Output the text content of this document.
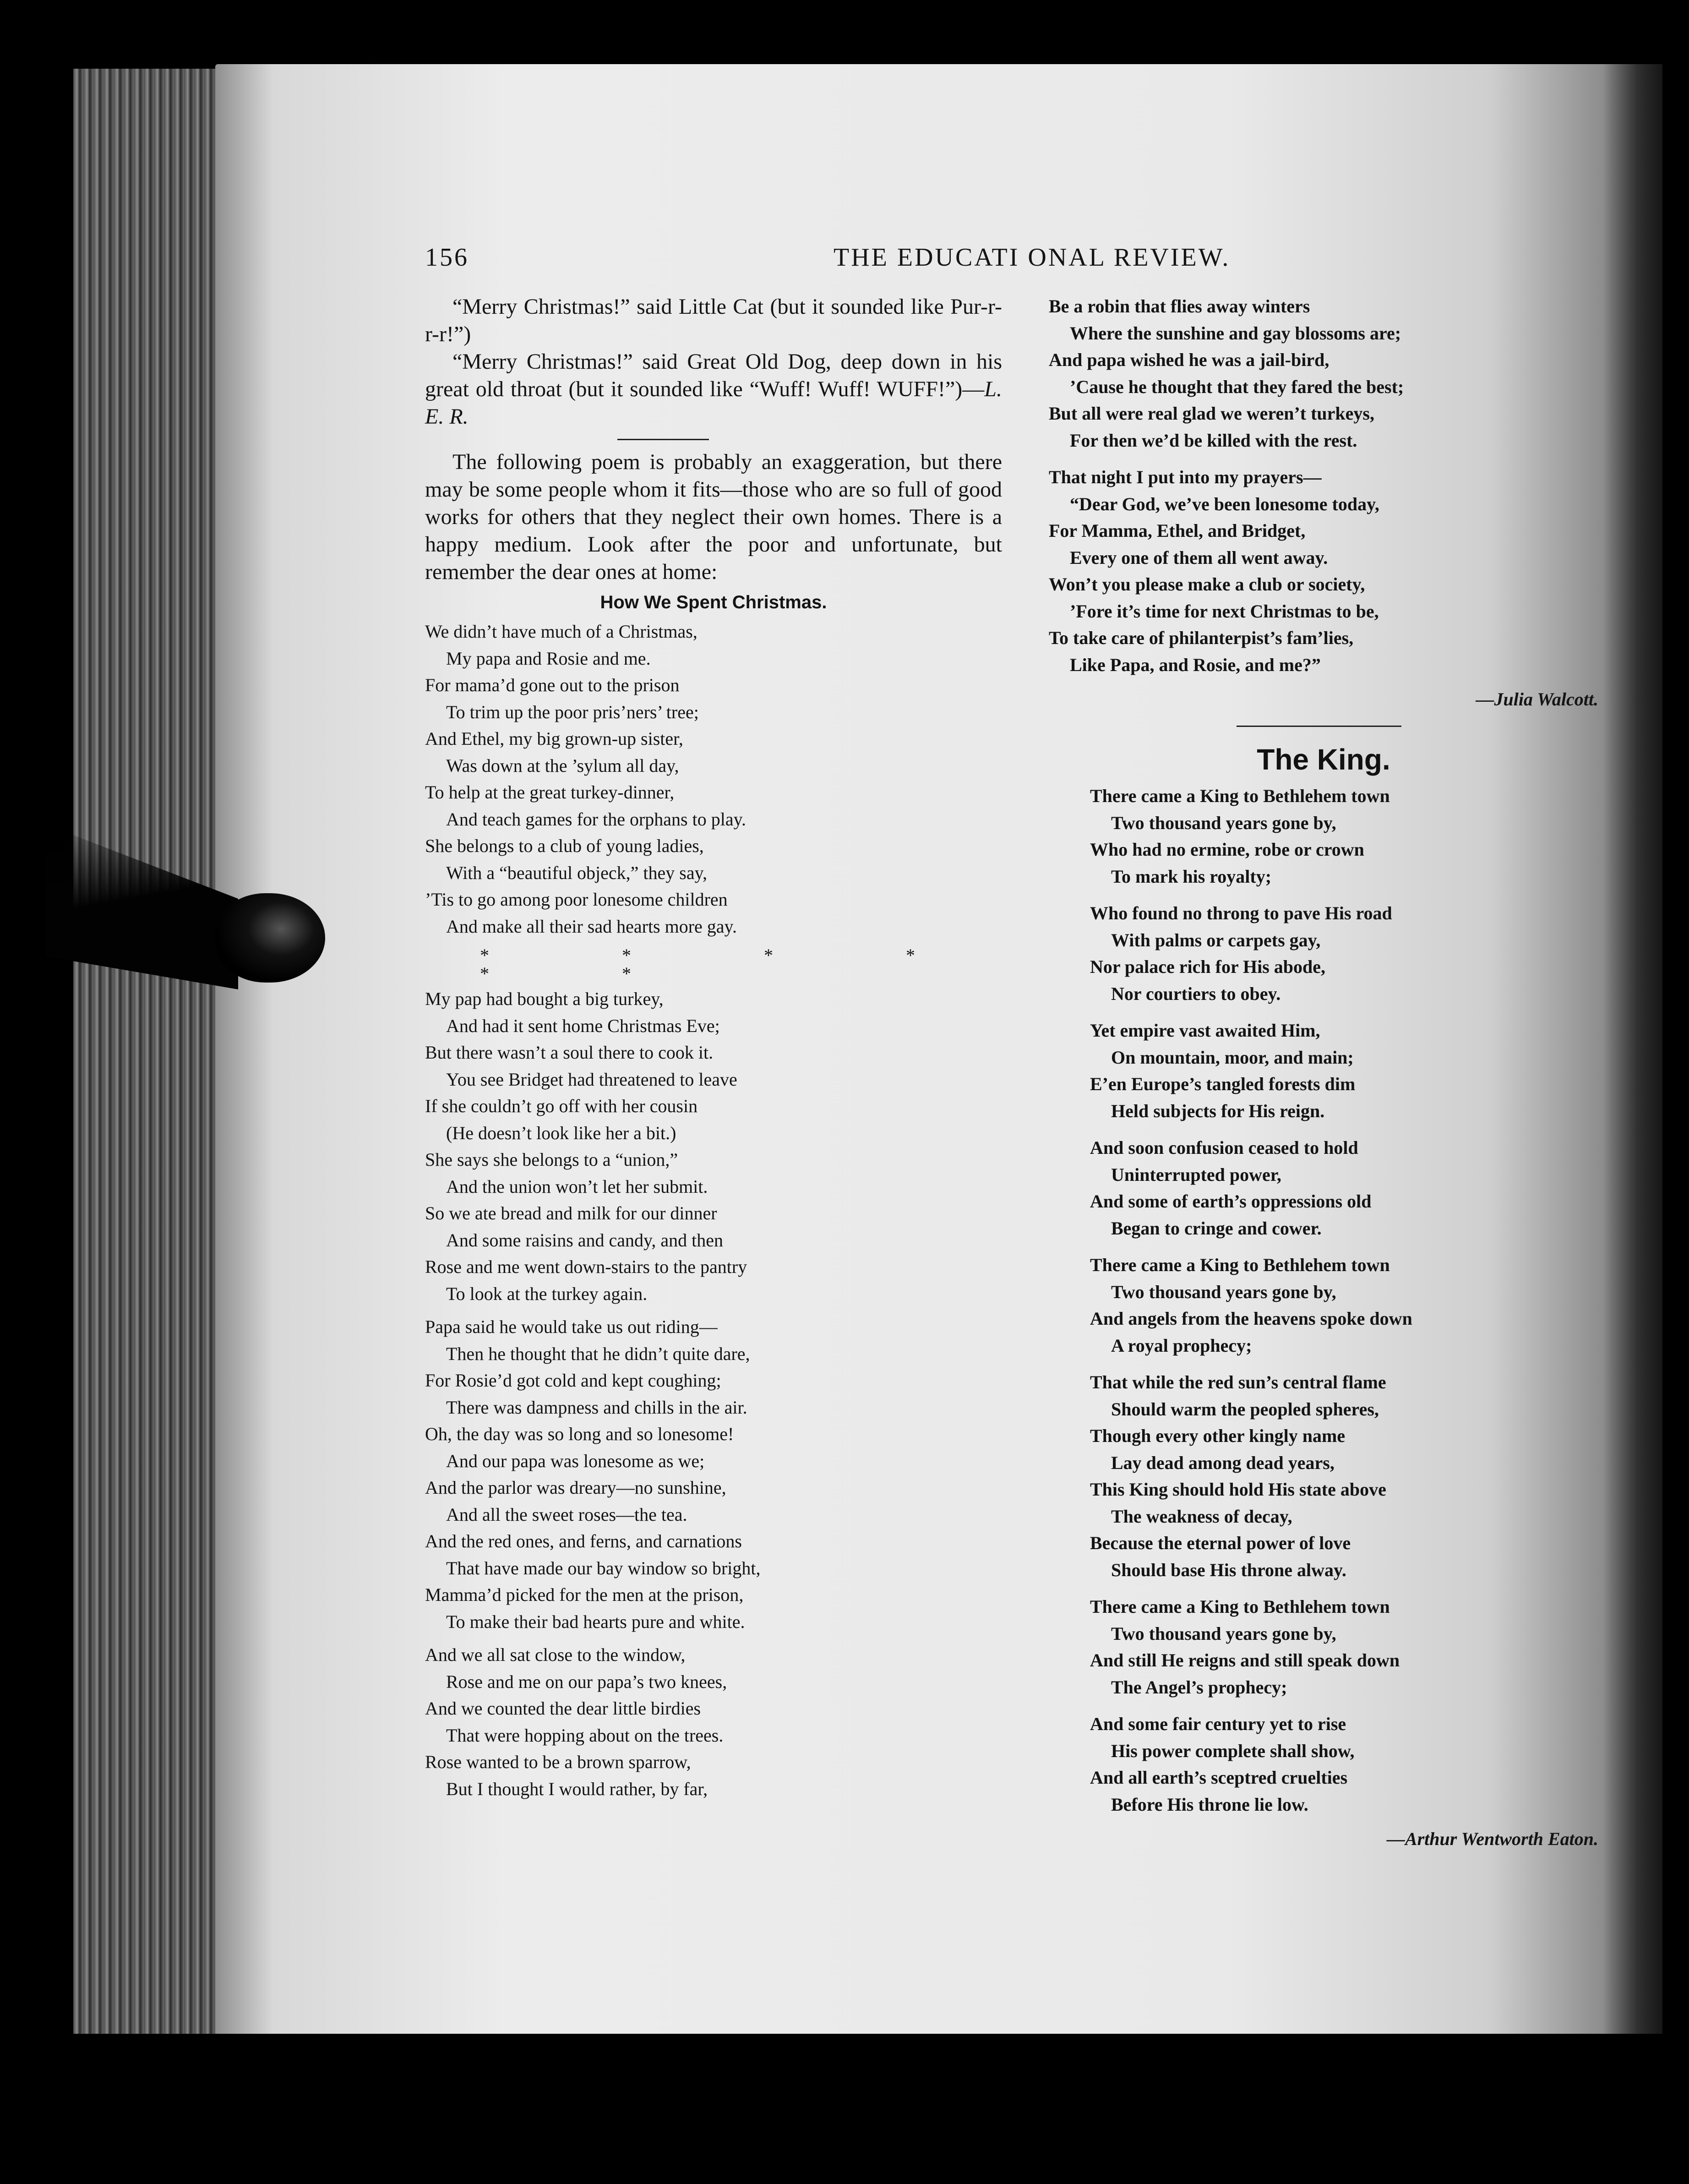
156	THE EDUCATI ONAL REVIEW.

“Merry Christmas!” said Little Cat (but it sounded like Pur-r-r-r!”)

“Merry Christmas!” said Great Old Dog, deep down in his great old throat (but it sounded like “Wuff! Wuff! WUFF!”)—L. E. R.

The following poem is probably an exaggeration, but there may be some people whom it fits—those who are so full of good works for others that they neglect their own homes. There is a happy medium. Look after the poor and unfortunate, but remember the dear ones at home:

How We Spent Christmas.
We didn’t have much of a Christmas,
My papa and Rosie and me.
For mama’d gone out to the prison
To trim up the poor pris’ners’ tree;
And Ethel, my big grown-up sister,
Was down at the ’sylum all day,
To help at the great turkey-dinner,
And teach games for the orphans to play.
She belongs to a club of young ladies,
With a “beautiful objeck,” they say,
’Tis to go among poor lonesome children
And make all their sad hearts more gay.
* * * * * *
My pap had bought a big turkey,
And had it sent home Christmas Eve;
But there wasn’t a soul there to cook it.
You see Bridget had threatened to leave
If she couldn’t go off with her cousin
(He doesn’t look like her a bit.)
She says she belongs to a “union,”
And the union won’t let her submit.
So we ate bread and milk for our dinner
And some raisins and candy, and then
Rose and me went down-stairs to the pantry
To look at the turkey again.
Papa said he would take us out riding—
Then he thought that he didn’t quite dare,
For Rosie’d got cold and kept coughing;
There was dampness and chills in the air.
Oh, the day was so long and so lonesome!
And our papa was lonesome as we;
And the parlor was dreary—no sunshine,
And all the sweet roses—the tea.
And the red ones, and ferns, and carnations
That have made our bay window so bright,
Mamma’d picked for the men at the prison,
To make their bad hearts pure and white.
And we all sat close to the window,
Rose and me on our papa’s two knees,
And we counted the dear little birdies
That were hopping about on the trees.
Rose wanted to be a brown sparrow,
But I thought I would rather, by far,
Be a robin that flies away winters
Where the sunshine and gay blossoms are;
And papa wished he was a jail-bird,
’Cause he thought that they fared the best;
But all were real glad we weren’t turkeys,
For then we’d be killed with the rest.
That night I put into my prayers—
“Dear God, we’ve been lonesome today,
For Mamma, Ethel, and Bridget,
Every one of them all went away.
Won’t you please make a club or society,
’Fore it’s time for next Christmas to be,
To take care of philanterpist’s fam’lies,
Like Papa, and Rosie, and me?”
—Julia Walcott.
The King.
There came a King to Bethlehem town
Two thousand years gone by,
Who had no ermine, robe or crown
To mark his royalty;
Who found no throng to pave His road
With palms or carpets gay,
Nor palace rich for His abode,
Nor courtiers to obey.
Yet empire vast awaited Him,
On mountain, moor, and main;
E’en Europe’s tangled forests dim
Held subjects for His reign.
And soon confusion ceased to hold
Uninterrupted power,
And some of earth’s oppressions old
Began to cringe and cower.
There came a King to Bethlehem town
Two thousand years gone by,
And angels from the heavens spoke down
A royal prophecy;
That while the red sun’s central flame
Should warm the peopled spheres,
Though every other kingly name
Lay dead among dead years,
This King should hold His state above
The weakness of decay,
Because the eternal power of love
Should base His throne alway.
There came a King to Bethlehem town
Two thousand years gone by,
And still He reigns and still speak down
The Angel’s prophecy;
And some fair century yet to rise
His power complete shall show,
And all earth’s sceptred cruelties
Before His throne lie low.
—Arthur Wentworth Eaton.
